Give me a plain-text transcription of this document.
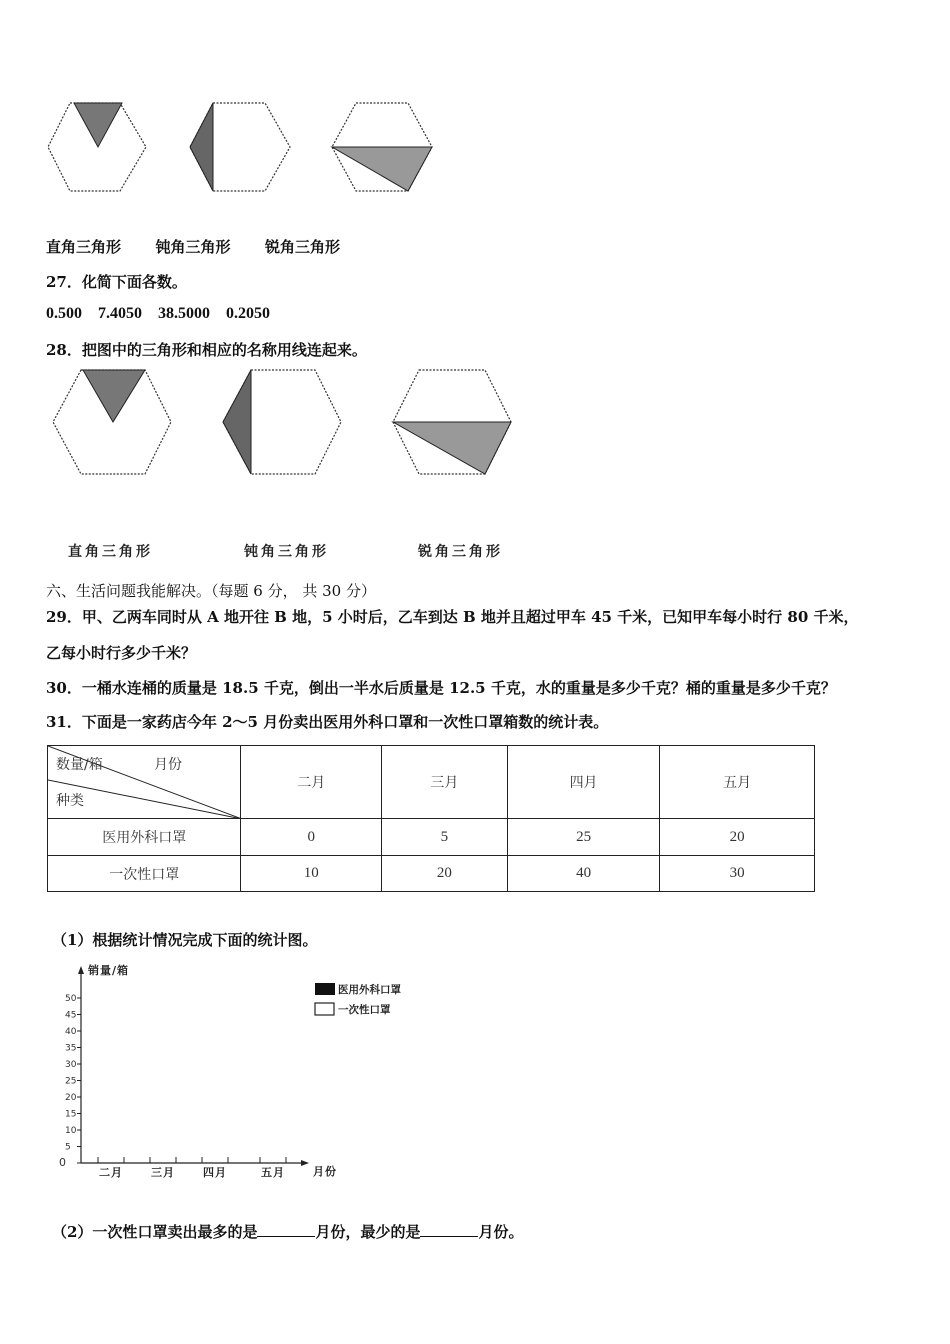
直角三角形 钝角三角形 锐角三角形
27．化简下面各数。
0.500    7.4050    38.5000    0.2050
28．把图中的三角形和相应的名称用线连起来。
直角三角形	钝角三角形	锐角三角形
六、生活问题我能解决。（每题 6 分， 共 30 分）
29．甲、乙两车同时从 A 地开往 B 地，5 小时后，乙车到达 B 地并且超过甲车 45 千米，已知甲车每小时行 80 千米，
乙每小时行多少千米？
30．一桶水连桶的质量是 18.5 千克，倒出一半水后质量是 12.5 千克，水的重量是多少千克？桶的重量是多少千克？
31．下面是一家药店今年 2～5 月份卖出医用外科口罩和一次性口罩箱数的统计表。
数量/箱 月份
种类	二月	三月	四月	五月
医用外科口罩	0	5	25	20
一次性口罩	10	20	40	30
（1）根据统计情况完成下面的统计图。
销量/箱
月份
0
5
10
15
20
25
30
35
40
45
50
二月	三月	四月	五月
医用外科口罩
一次性口罩
（2）一次性口罩卖出最多的是	月份，最少的是	月份。
